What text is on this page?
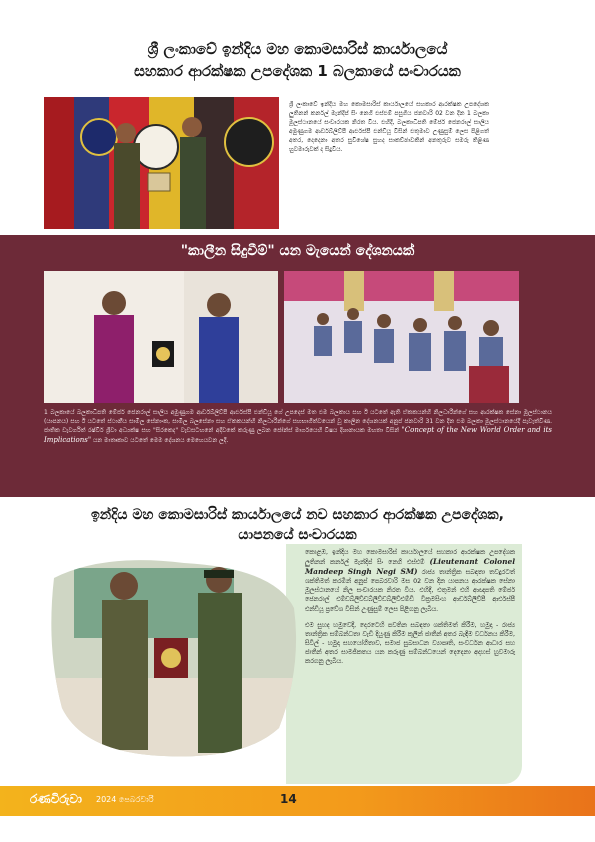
ශ්‍රී ලංකාවේ ඉන්දිය මහ කොමසාරිස් කාර්යාලයේ
සහකාර ආරක්ෂක උපදේශක 1 බලකායේ සංචාරයක
ශ්‍රී ලංකාවේ ඉන්දිය මහ කොමසාරිස් කාර්යාලයේ සහකාර ආරක්ෂක උපදේශක ලුතිනන් කර්නල් මැන්දිප් සිං නෙගි එස්එම් පසුගිය ජනවාරි 02 වන දින 1 බලකා මූලස්ථානයේ සංචාරයක නිරත විය. එහිදී, බලකාධිපති මේජර් ජෙනරාල් සාලිය අමුණුගම ආර්ඩබ්ලිව්පී ආර්එස්පී එන්ඩීයූ විසින් එතුමාව උණුසුම් ලෙස පිළිගත් අතර, දෙදෙනා අතර සුවිශේෂ සුහද සාකච්ඡාවකින් අනතුරුව සමරු තිළිණ හුවමාරුවක් ද සිදුවිය.
"කාලීන සිදුවීම්" යන මැයෙන් දේශනයක්
1 බලකායේ බලකාධිපති මේජර් ජෙනරාල් සාලිය අමුණුගම ආර්ඩබ්ලිව්පී ආර්එස්පී එන්ඩීයූ ගේ උපදෙස් මත එම බලකාය සහ ඊ යටතේ ඇති ඒකකයන්හි නිලධාරීන්ගේ සහ ආරක්ෂක සේනා මූලස්ථානය (යාපනය) සහ ඊ යටතේ ස්ථානීය සාමිල සේනාංක, සාමිල බලසේනා සහ ඒකකයන්හි නිලධාරීන්ගේ සහභාගීත්වයෙන් වූ කාලීන දේශනයක් අනුප් ජනවාරි 31 වන දින එම බලකා මූලස්ථානයේදී පැවැත්විණ. ජාතික ඩැවර්ගිත් රෂ්චිර් ශ්‍රීවා අධ්‍යක්ෂ සහ "සිරකෙද" වැඩසටහනේ අදීවකේ කරුණු ලබන ජෝන්ස් මාර්ගයෙහි විෂය දිශානායක මහතා විසින් "Concept of the New World Order and its Implications" යන මාතෘකාව යටතේ මෙම දේශනය මෙහෙයවන ලදී.
ඉන්දිය මහ කොමසාරිස් කාර්යාලයේ නව සහකාර ආරක්ෂක උපදේශක,
යාපනයේ සංචාරයක

කොළඹ, ඉන්දිය මහ කොමසාරිස් කාර්යාලයේ සහකාර ආරක්ෂක උපදේශක ලුතිනන් කර්නල් මැන්දිප් සිං නෙගි එස්එම් (Lieutenant Colonel Mandeep Singh Negi SM) රාජ්‍ය තාන්ත්‍රික සබඳතා තවදුරටත් ශක්තිමත් කරමින් අනුප් පෙබරවාරි මස 02 වන දින යාපනය ආරක්ෂක සේනා මූලස්ථානයේ නිල සංචාරයක නිරත විය. එහිදී, එතුමන් එහි ආඥාපති මේජර් ජෙනරාල් එම්ඩබ්ලිව්ඩබ්ලිව්ඩබ්ලිව්එම්ඩී වික්‍රමසිංහ ආර්ඩබ්ලිව්පී ආර්එස්පී එන්ඩීයූ ප්‍රවේශ විසින් උණුසුම් ලෙස පිළිගනු ලැබීය.

එම සුහද හමුවෙදී, දෙරටෙහි පවතින සබඳතා ශක්තිමත් කිරීම, හමුදා - රාජ්‍ය තාන්ත්‍රික සම්බන්ධතා වැඩි දියුණු කිරීම කුලින් ජාතීන් අතර බැඳීම වර්ධනය කිරීම, සිවිල් - හමුදා සහයෝගීතාව, සමාජ සුබසාධන ව්‍යාපෘති, සංවර්ධන ආධාර සහ ජාතීන් අතර සාමජිකතය යන කරුණු සම්බන්ධයෙන් දෙදෙනා අදහස් හුවමාරු කරගනු ලැබීය.

රණවිරුවා 2024 පෙබරවාරි	14
